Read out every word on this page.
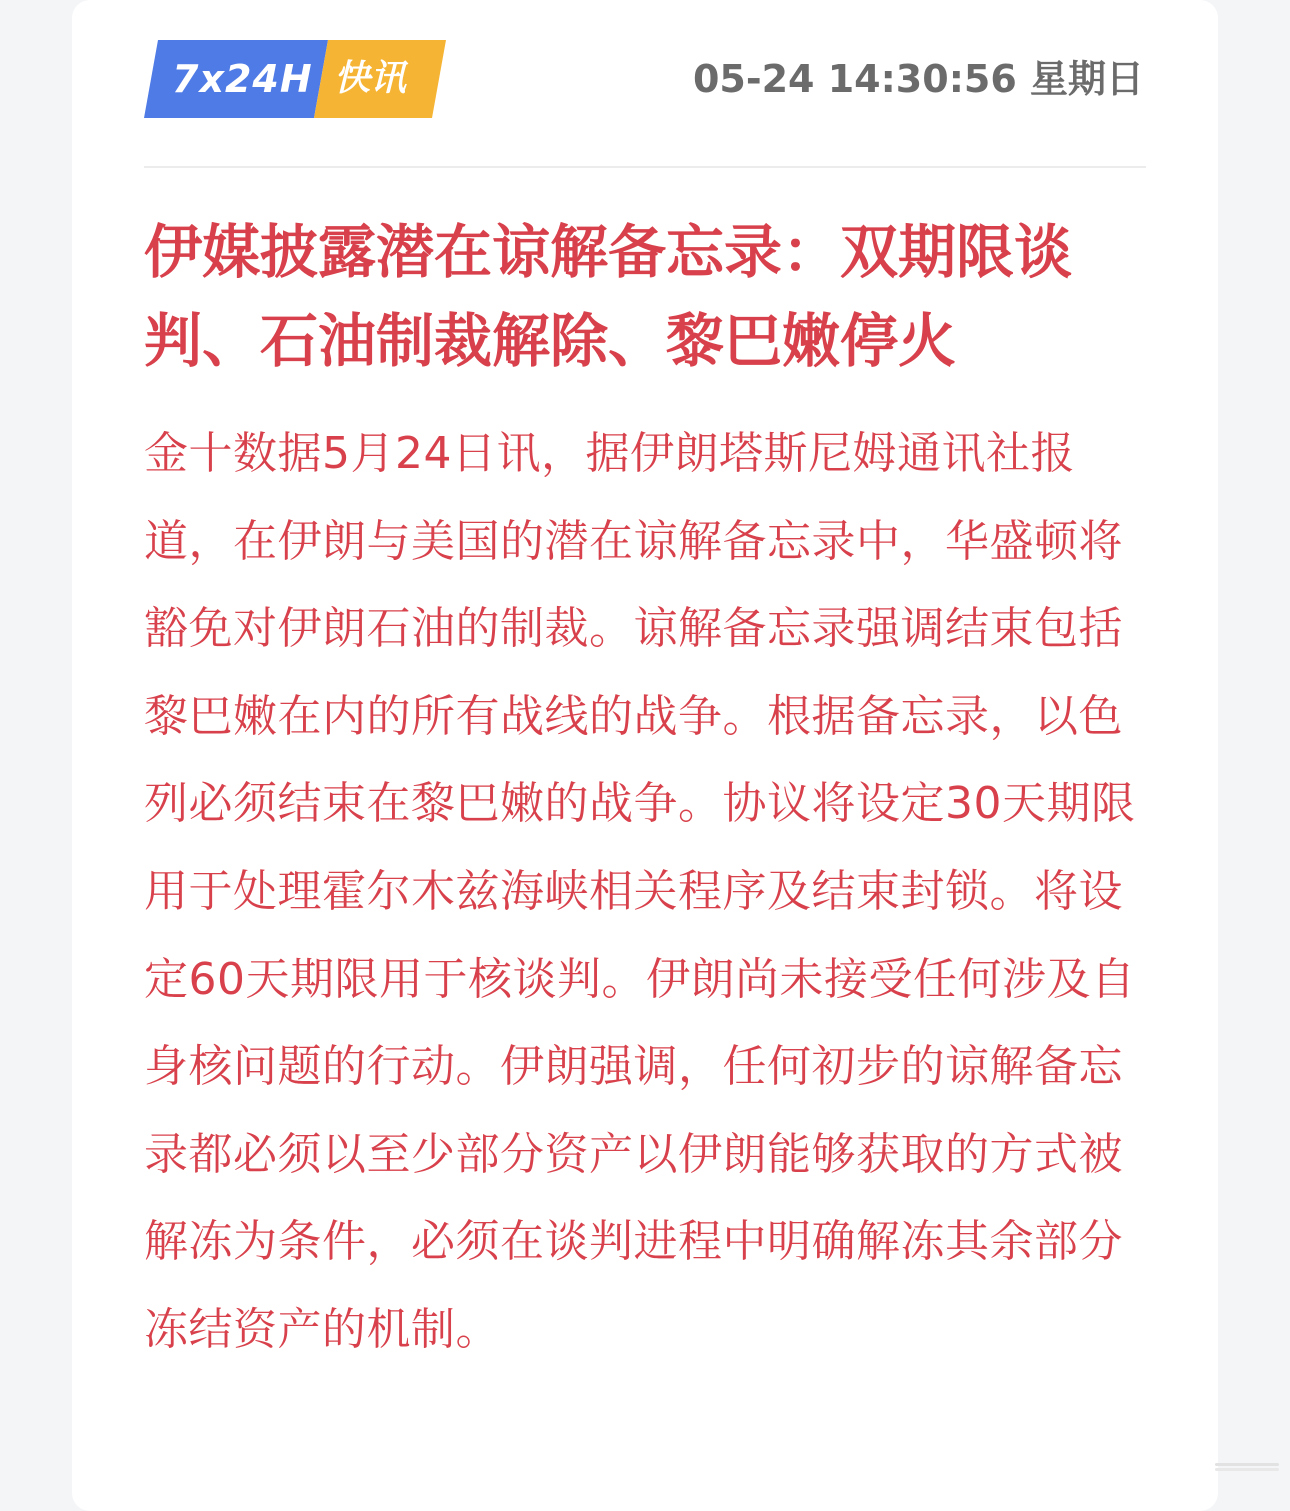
7x24H 快讯	05-24 14:30:56 星期日
伊媒披露潜在谅解备忘录：双期限谈判、石油制裁解除、黎巴嫩停火

金十数据5月24日讯，据伊朗塔斯尼姆通讯社报道，在伊朗与美国的潜在谅解备忘录中，华盛顿将豁免对伊朗石油的制裁。谅解备忘录强调结束包括黎巴嫩在内的所有战线的战争。根据备忘录，以色列必须结束在黎巴嫩的战争。协议将设定30天期限用于处理霍尔木兹海峡相关程序及结束封锁。将设定60天期限用于核谈判。伊朗尚未接受任何涉及自身核问题的行动。伊朗强调，任何初步的谅解备忘录都必须以至少部分资产以伊朗能够获取的方式被解冻为条件，必须在谈判进程中明确解冻其余部分冻结资产的机制。
